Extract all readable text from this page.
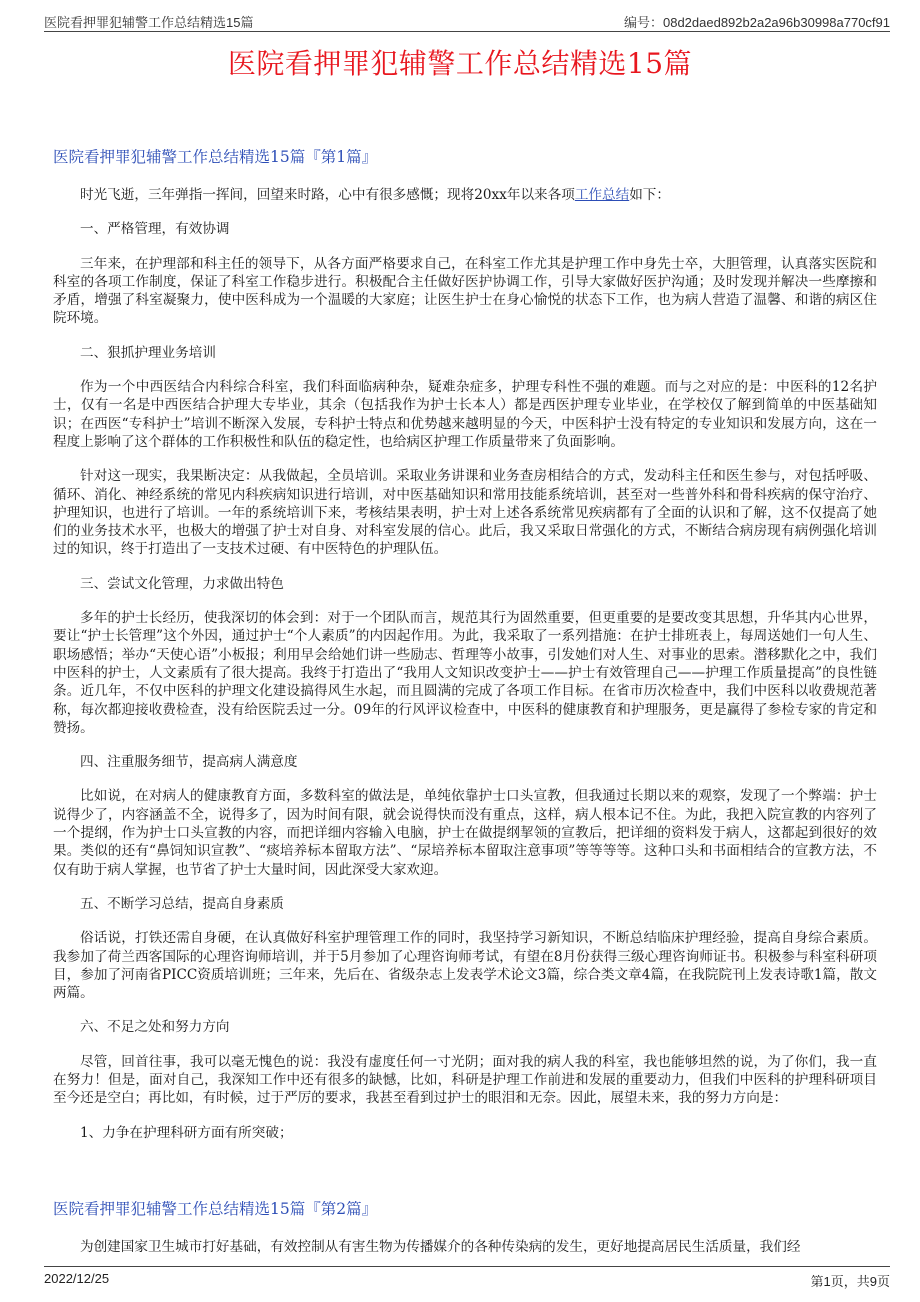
医院看押罪犯辅警工作总结精选15篇	编号：08d2daed892b2a2a96b30998a770cf91
医院看押罪犯辅警工作总结精选15篇
医院看押罪犯辅警工作总结精选15篇『第1篇』

时光飞逝，三年弹指一挥间，回望来时路，心中有很多感慨；现将20xx年以来各项工作总结如下：

一、严格管理，有效协调

三年来，在护理部和科主任的领导下，从各方面严格要求自己，在科室工作尤其是护理工作中身先士卒，大胆管理，认真落实医院和科室的各项工作制度，保证了科室工作稳步进行。积极配合主任做好医护协调工作，引导大家做好医护沟通；及时发现并解决一些摩擦和矛盾，增强了科室凝聚力，使中医科成为一个温暖的大家庭；让医生护士在身心愉悦的状态下工作，也为病人营造了温馨、和谐的病区住院环境。

二、狠抓护理业务培训

作为一个中西医结合内科综合科室，我们科面临病种杂，疑难杂症多，护理专科性不强的难题。而与之对应的是：中医科的12名护士，仅有一名是中西医结合护理大专毕业，其余（包括我作为护士长本人）都是西医护理专业毕业，在学校仅了解到简单的中医基础知识；在西医“专科护士”培训不断深入发展，专科护士特点和优势越来越明显的今天，中医科护士没有特定的专业知识和发展方向，这在一程度上影响了这个群体的工作积极性和队伍的稳定性，也给病区护理工作质量带来了负面影响。

针对这一现实，我果断决定：从我做起，全员培训。采取业务讲课和业务查房相结合的方式，发动科主任和医生参与，对包括呼吸、循环、消化、神经系统的常见内科疾病知识进行培训，对中医基础知识和常用技能系统培训，甚至对一些普外科和骨科疾病的保守治疗、护理知识，也进行了培训。一年的系统培训下来，考核结果表明，护士对上述各系统常见疾病都有了全面的认识和了解，这不仅提高了她们的业务技术水平，也极大的增强了护士对自身、对科室发展的信心。此后，我又采取日常强化的方式，不断结合病房现有病例强化培训过的知识，终于打造出了一支技术过硬、有中医特色的护理队伍。

三、尝试文化管理，力求做出特色

多年的护士长经历，使我深切的体会到：对于一个团队而言，规范其行为固然重要，但更重要的是要改变其思想，升华其内心世界，要让“护士长管理”这个外因，通过护士“个人素质”的内因起作用。为此，我采取了一系列措施：在护士排班表上，每周送她们一句人生、职场感悟；举办“天使心语”小板报；利用早会给她们讲一些励志、哲理等小故事，引发她们对人生、对事业的思索。潜移默化之中，我们中医科的护士，人文素质有了很大提高。我终于打造出了“我用人文知识改变护士——护士有效管理自己——护理工作质量提高”的良性链条。近几年，不仅中医科的护理文化建设搞得风生水起，而且圆满的完成了各项工作目标。在省市历次检查中，我们中医科以收费规范著称，每次都迎接收费检查，没有给医院丢过一分。09年的行风评议检查中，中医科的健康教育和护理服务，更是赢得了参检专家的肯定和赞扬。

四、注重服务细节，提高病人满意度

比如说，在对病人的健康教育方面，多数科室的做法是，单纯依靠护士口头宣教，但我通过长期以来的观察，发现了一个弊端：护士说得少了，内容涵盖不全，说得多了，因为时间有限，就会说得快而没有重点，这样，病人根本记不住。为此，我把入院宣教的内容列了一个提纲，作为护士口头宣教的内容，而把详细内容输入电脑，护士在做提纲挈领的宣教后，把详细的资料发于病人，这都起到很好的效果。类似的还有“鼻饲知识宣教”、“痰培养标本留取方法”、“尿培养标本留取注意事项”等等等等。这种口头和书面相结合的宣教方法，不仅有助于病人掌握，也节省了护士大量时间，因此深受大家欢迎。

五、不断学习总结，提高自身素质

俗话说，打铁还需自身硬，在认真做好科室护理管理工作的同时，我坚持学习新知识，不断总结临床护理经验，提高自身综合素质。我参加了荷兰西客国际的心理咨询师培训，并于5月参加了心理咨询师考试，有望在8月份获得三级心理咨询师证书。积极参与科室科研项目，参加了河南省PICC资质培训班；三年来，先后在、省级杂志上发表学术论文3篇，综合类文章4篇，在我院院刊上发表诗歌1篇，散文两篇。

六、不足之处和努力方向

尽管，回首往事，我可以毫无愧色的说：我没有虚度任何一寸光阴；面对我的病人我的科室，我也能够坦然的说，为了你们，我一直在努力！但是，面对自己，我深知工作中还有很多的缺憾，比如，科研是护理工作前进和发展的重要动力，但我们中医科的护理科研项目至今还是空白；再比如，有时候，过于严厉的要求，我甚至看到过护士的眼泪和无奈。因此，展望未来，我的努力方向是：

1、力争在护理科研方面有所突破；

医院看押罪犯辅警工作总结精选15篇『第2篇』

为创建国家卫生城市打好基础，有效控制从有害生物为传播媒介的各种传染病的发生，更好地提高居民生活质量，我们经

2022/12/25	第1页，共9页
